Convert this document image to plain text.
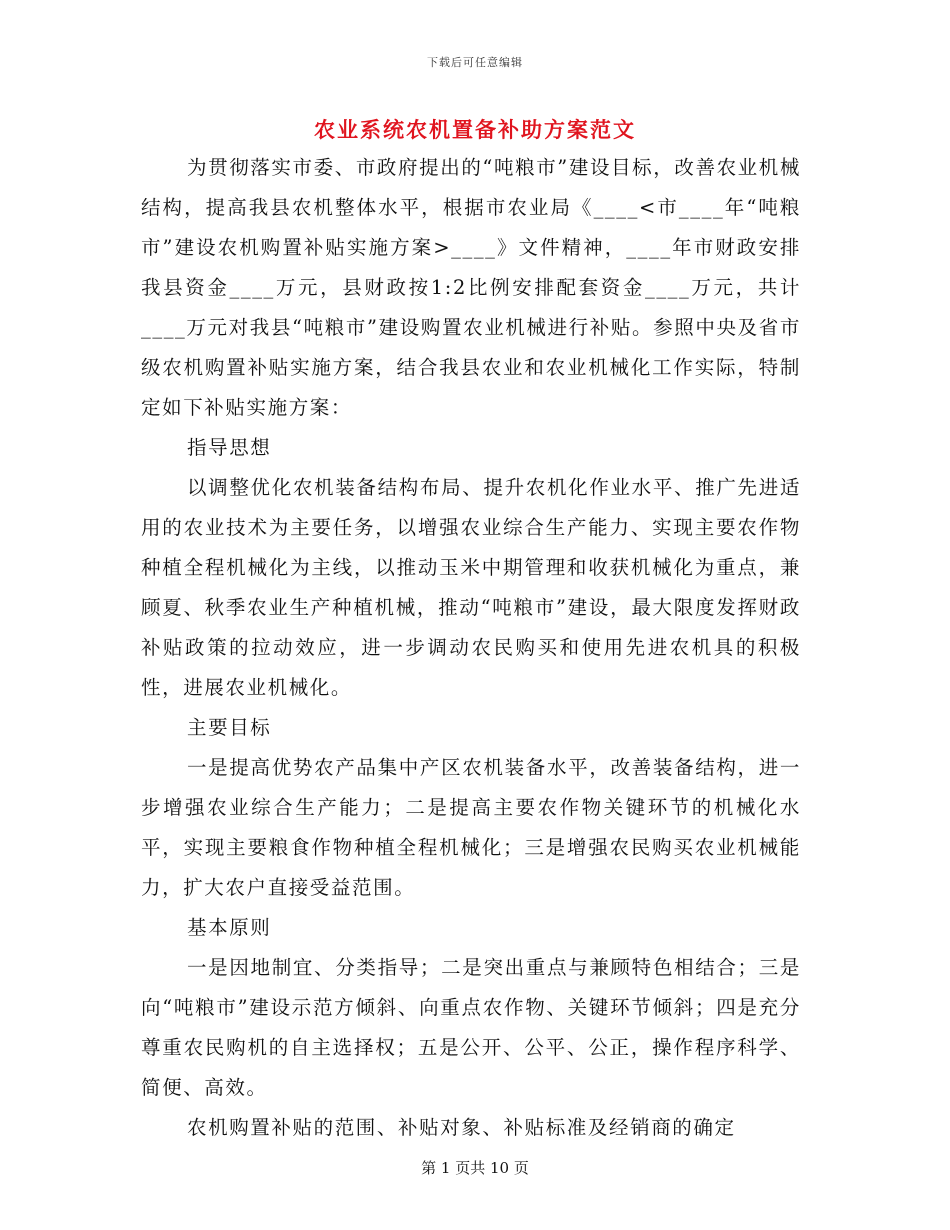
下载后可任意编辑
农业系统农机置备补助方案范文

为贯彻落实市委、市政府提出的“吨粮市”建设目标，改善农业机械结构，提高我县农机整体水平，根据市农业局《____<市____年“吨粮市”建设农机购置补贴实施方案>____》文件精神，____年市财政安排我县资金____万元，县财政按1:2比例安排配套资金____万元，共计____万元对我县“吨粮市”建设购置农业机械进行补贴。参照中央及省市级农机购置补贴实施方案，结合我县农业和农业机械化工作实际，特制定如下补贴实施方案：

指导思想

以调整优化农机装备结构布局、提升农机化作业水平、推广先进适用的农业技术为主要任务，以增强农业综合生产能力、实现主要农作物种植全程机械化为主线，以推动玉米中期管理和收获机械化为重点，兼顾夏、秋季农业生产种植机械，推动“吨粮市”建设，最大限度发挥财政补贴政策的拉动效应，进一步调动农民购买和使用先进农机具的积极性，进展农业机械化。

主要目标

一是提高优势农产品集中产区农机装备水平，改善装备结构，进一步增强农业综合生产能力；二是提高主要农作物关键环节的机械化水平，实现主要粮食作物种植全程机械化；三是增强农民购买农业机械能力，扩大农户直接受益范围。

基本原则

一是因地制宜、分类指导；二是突出重点与兼顾特色相结合；三是向“吨粮市”建设示范方倾斜、向重点农作物、关键环节倾斜；四是充分尊重农民购机的自主选择权；五是公开、公平、公正，操作程序科学、简便、高效。

农机购置补贴的范围、补贴对象、补贴标准及经销商的确定

第 1 页共 10 页
